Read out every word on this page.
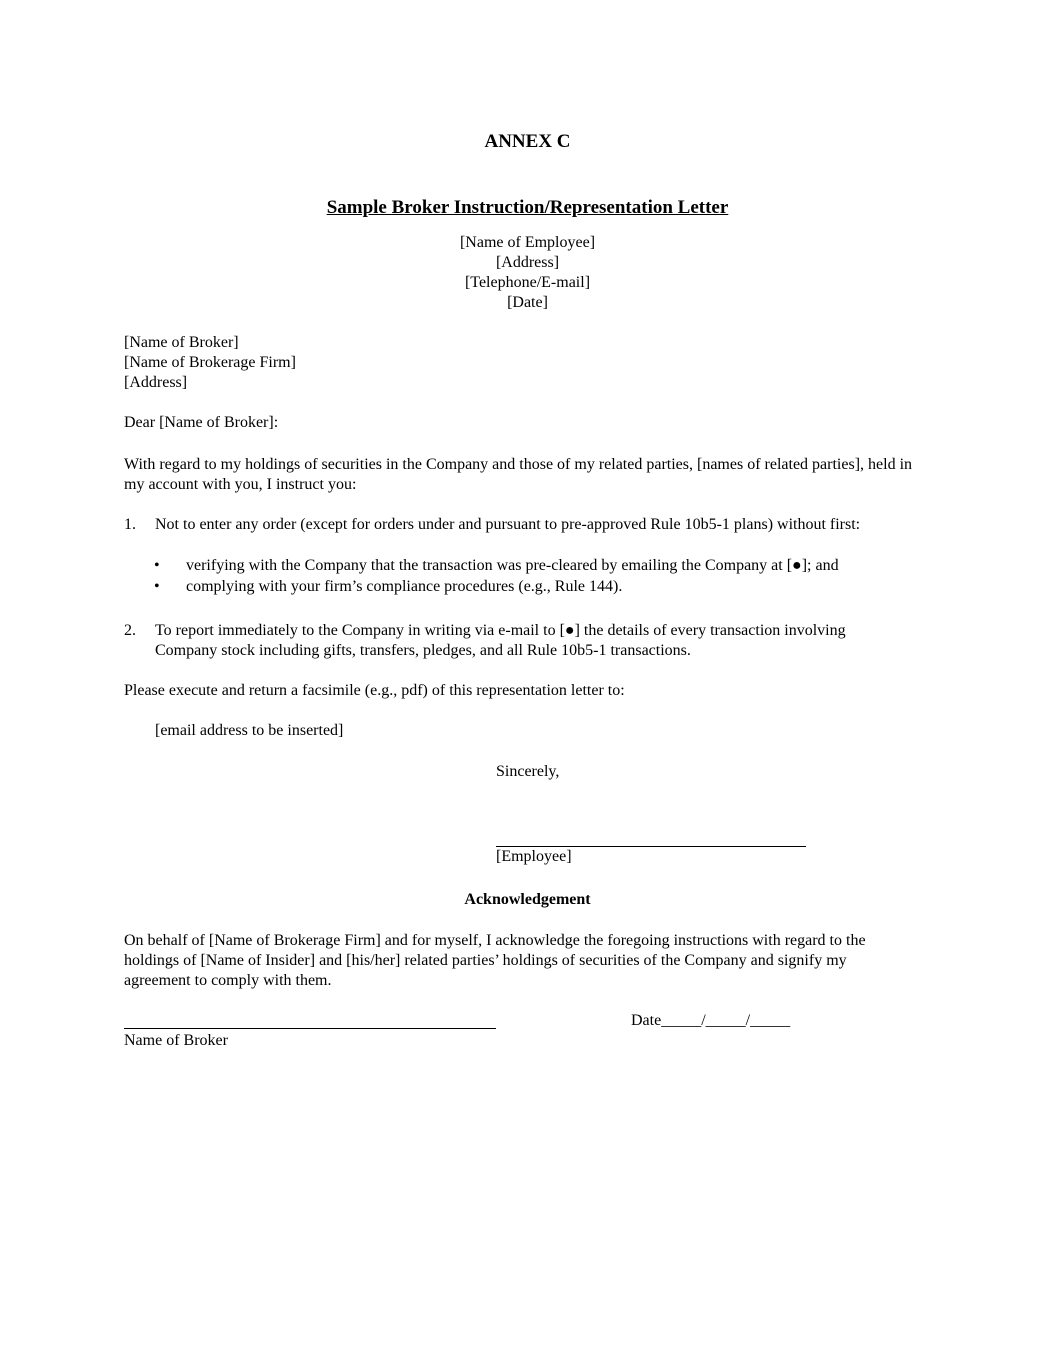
ANNEX C
Sample Broker Instruction/Representation Letter
[Name of Employee]
[Address]
[Telephone/E-mail]
[Date]
[Name of Broker]
[Name of Brokerage Firm]
[Address]
Dear [Name of Broker]:
With regard to my holdings of securities in the Company and those of my related parties, [names of related parties], held in my account with you, I instruct you:
1. Not to enter any order (except for orders under and pursuant to pre-approved Rule 10b5-1 plans) without first:
• verifying with the Company that the transaction was pre-cleared by emailing the Company at [●]; and
• complying with your firm’s compliance procedures (e.g., Rule 144).
2. To report immediately to the Company in writing via e-mail to [●] the details of every transaction involving
Company stock including gifts, transfers, pledges, and all Rule 10b5-1 transactions.
Please execute and return a facsimile (e.g., pdf) of this representation letter to:
[email address to be inserted]
Sincerely,
[Employee]
Acknowledgement
On behalf of [Name of Brokerage Firm] and for myself, I acknowledge the foregoing instructions with regard to the
holdings of [Name of Insider] and [his/her] related parties’ holdings of securities of the Company and signify my
agreement to comply with them.
Date_____/_____/_____
Name of Broker
